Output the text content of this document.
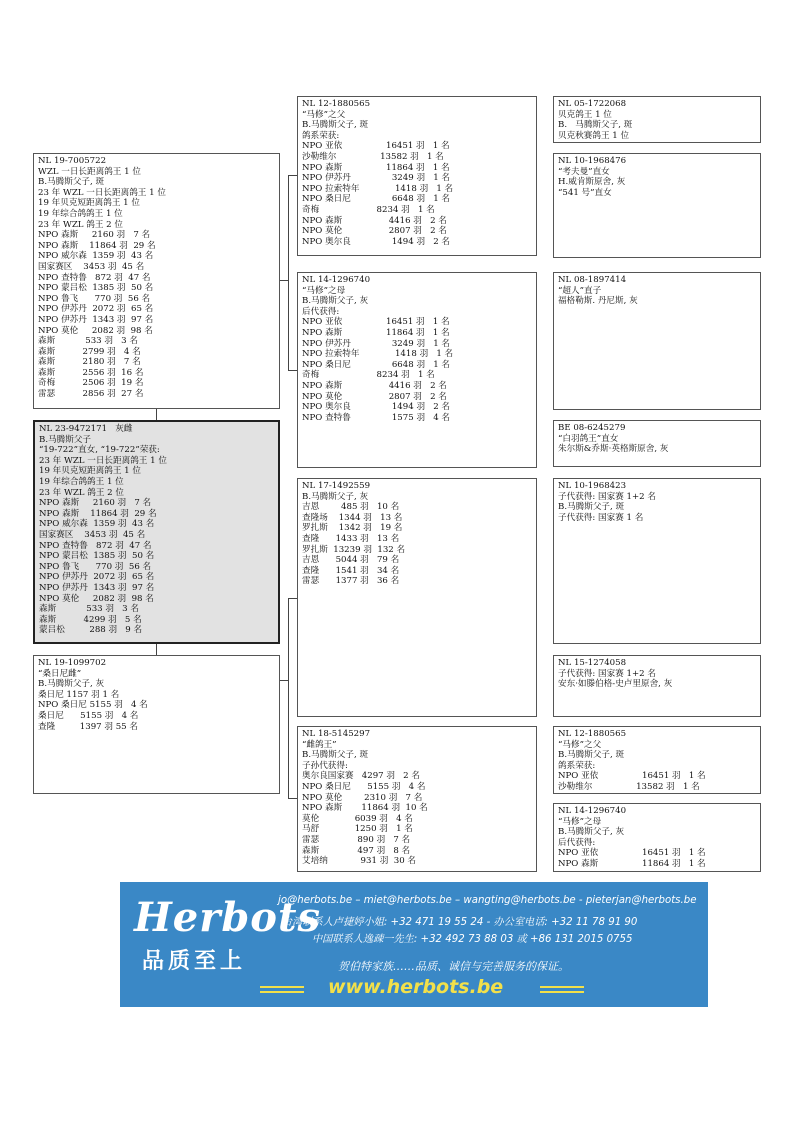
NL 23-9472171   灰雌
B.马腾斯父子
“19-722”直女, “19-722”荣获:
23 年 WZL 一日长距离鸽王 1 位
19 年贝克短距离鸽王 1 位
19 年综合鸽鸽王 1 位
23 年 WZL 鸽王 2 位
NPO 森斯     2160 羽   7 名
NPO 森斯    11864 羽  29 名
NPO 威尔森  1359 羽  43 名
国家赛区    3453 羽  45 名
NPO 查特鲁   872 羽  47 名
NPO 蒙吕松  1385 羽  50 名
NPO 鲁飞      770 羽  56 名
NPO 伊苏丹  2072 羽  65 名
NPO 伊苏丹  1343 羽  97 名
NPO 莫伦     2082 羽  98 名
森斯           533 羽   3 名
森斯          4299 羽   5 名
蒙吕松         288 羽   9 名
NL 19-7005722
WZL 一日长距离鸽王 1 位
B.马腾斯父子, 斑
23 年 WZL 一日长距离鸽王 1 位
19 年贝克短距离鸽王 1 位
19 年综合鸽鸽王 1 位
23 年 WZL 鸽王 2 位
NPO 森斯     2160 羽   7 名
NPO 森斯    11864 羽  29 名
NPO 威尔森  1359 羽  43 名
国家赛区    3453 羽  45 名
NPO 查特鲁   872 羽  47 名
NPO 蒙吕松  1385 羽  50 名
NPO 鲁飞      770 羽  56 名
NPO 伊苏丹  2072 羽  65 名
NPO 伊苏丹  1343 羽  97 名
NPO 莫伦     2082 羽  98 名
森斯           533 羽   3 名
森斯          2799 羽   4 名
森斯          2180 羽   7 名
森斯          2556 羽  16 名
奇梅          2506 羽  19 名
雷瑟          2856 羽  27 名
NL 19-1099702
“桑日尼雌”
B.马腾斯父子, 灰
桑日尼 1157 羽 1 名
NPO 桑日尼 5155 羽   4 名
桑日尼      5155 羽   4 名
查隆         1397 羽 55 名
NL 12-1880565
“马修”之父
B.马腾斯父子, 斑
鸽系荣获:
NPO 亚依                16451 羽   1 名
沙勒维尔                13582 羽   1 名
NPO 森斯                11864 羽   1 名
NPO 伊苏丹               3249 羽   1 名
NPO 拉索特年             1418 羽   1 名
NPO 桑日尼               6648 羽   1 名
奇梅                     8234 羽   1 名
NPO 森斯                 4416 羽   2 名
NPO 莫伦                 2807 羽   2 名
NPO 奥尔良               1494 羽   2 名
NL 14-1296740
“马修”之母
B.马腾斯父子, 灰
后代获得:
NPO 亚依                16451 羽   1 名
NPO 森斯                11864 羽   1 名
NPO 伊苏丹               3249 羽   1 名
NPO 拉索特年             1418 羽   1 名
NPO 桑日尼               6648 羽   1 名
奇梅                     8234 羽   1 名
NPO 森斯                 4416 羽   2 名
NPO 莫伦                 2807 羽   2 名
NPO 奥尔良               1494 羽   2 名
NPO 查特鲁               1575 羽   4 名
NL 17-1492559
B.马腾斯父子, 灰
吉恩        485 羽   10 名
查隆场    1344 羽   13 名
罗扎斯    1342 羽   19 名
查隆      1433 羽   13 名
罗扎斯  13239 羽  132 名
吉恩      5044 羽   79 名
查隆      1541 羽   34 名
雷瑟      1377 羽   36 名
NL 18-5145297
“雌鸽王”
B.马腾斯父子, 斑
子孙代获得:
奥尔良国家赛   4297 羽   2 名
NPO 桑日尼      5155 羽   4 名
NPO 莫伦        2310 羽   7 名
NPO 森斯       11864 羽  10 名
莫伦             6039 羽   4 名
马舒             1250 羽   1 名
雷瑟              890 羽   7 名
森斯              497 羽   8 名
艾培纳            931 羽  30 名
NL 05-1722068
贝克鸽王 1 位
B.   马腾斯父子, 斑
贝克秋赛鸽王 1 位
NL 10-1968476
“考夫曼”直女
H.威肯斯原舍, 灰
“541 号”直女
NL 08-1897414
“超人”直子
福格勒斯. 丹尼斯, 灰
BE 08-6245279
“白羽鸽王”直女
朱尔斯&乔斯·英格斯原舍, 灰
NL 10-1968423
子代获得: 国家赛 1+2 名
B.马腾斯父子, 斑
子代获得: 国家赛 1 名
NL 15-1274058
子代获得: 国家赛 1+2 名
安东·如滕伯格-史卢里原舍, 灰
NL 12-1880565
“马修”之父
B.马腾斯父子, 斑
鸽系荣获:
NPO 亚依                16451 羽   1 名
沙勒维尔                13582 羽   1 名
NL 14-1296740
“马修”之母
B.马腾斯父子, 灰
后代获得:
NPO 亚依                16451 羽   1 名
NPO 森斯                11864 羽   1 名
Herbots
品质至上
jo@herbots.be – miet@herbots.be – wangting@herbots.be - pieterjan@herbots.be
台湾联系人卢捷婷小姐: +32 471 19 55 24 - 办公室电话: +32 11 78 91 90
中国联系人逸疎一先生: +32 492 73 88 03 或 +86 131 2015 0755
贺伯特家族……品质、诚信与完善服务的保证。
www.herbots.be
